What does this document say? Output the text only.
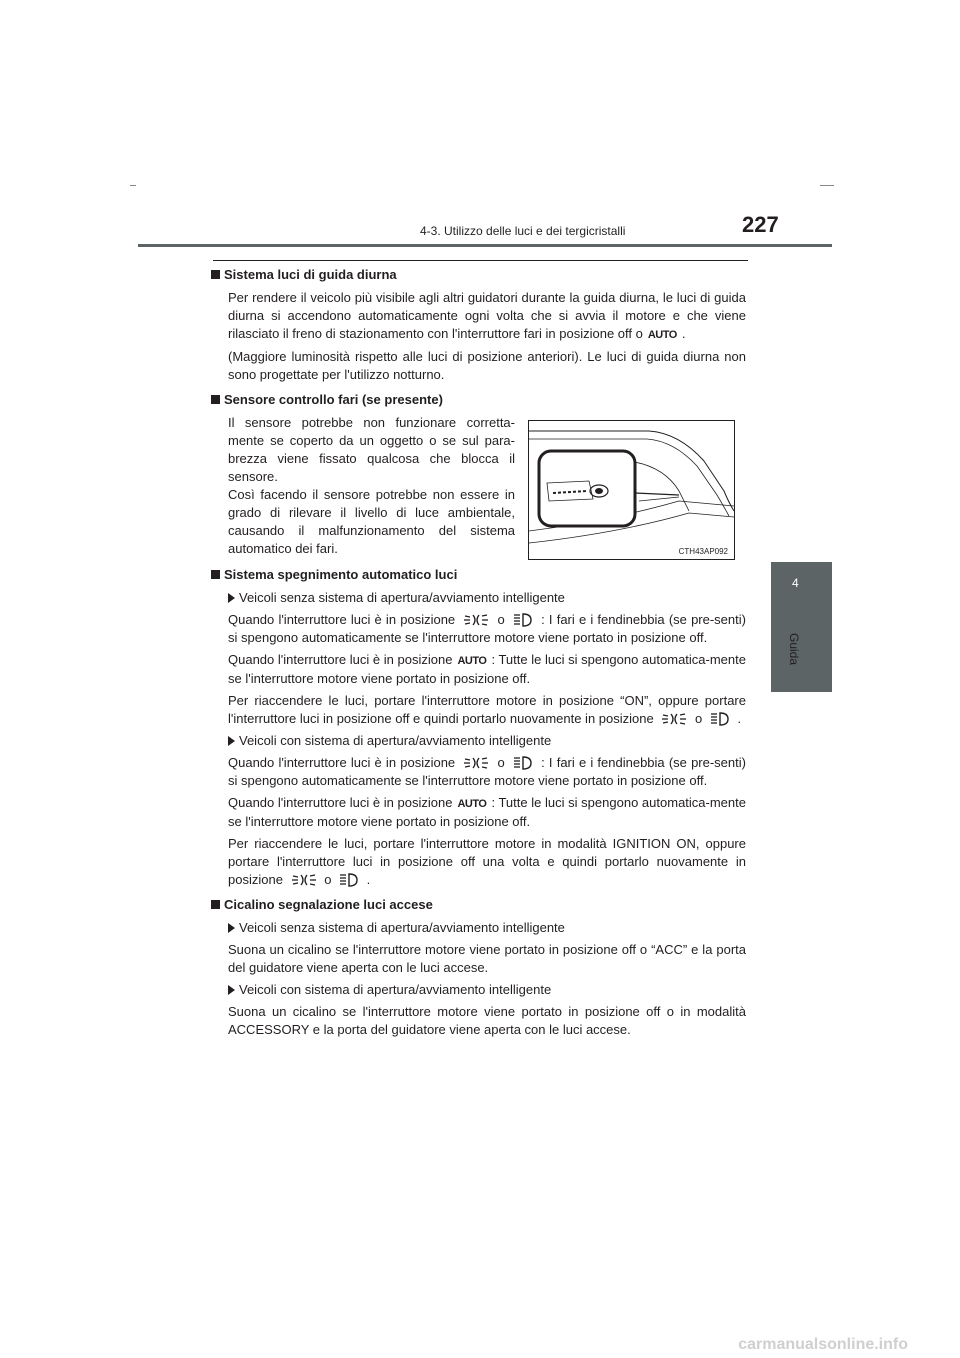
4-3. Utilizzo delle luci e dei tergicristalli	227
4
Guida
Sistema luci di guida diurna

Per rendere il veicolo più visibile agli altri guidatori durante la guida diurna, le luci di guida diurna si accendono automaticamente ogni volta che si avvia il motore e che viene rilasciato il freno di stazionamento con l'interruttore fari in posizione off o AUTO .

(Maggiore luminosità rispetto alle luci di posizione anteriori). Le luci di guida diurna non sono progettate per l'utilizzo notturno.

Sensore controllo fari (se presente)
Il sensore potrebbe non funzionare corretta-mente se coperto da un oggetto o se sul para-brezza viene fissato qualcosa che blocca il sensore.
Così facendo il sensore potrebbe non essere in grado di rilevare il livello di luce ambientale, causando il malfunzionamento del sistema automatico dei fari.
Sistema spegnimento automatico luci
Veicoli senza sistema di apertura/avviamento intelligente

Quando l'interruttore luci è in posizione	o	: I fari e i fendinebbia (se pre-senti) si spengono automaticamente se l'interruttore motore viene portato in posizione off.

Quando l'interruttore luci è in posizione AUTO : Tutte le luci si spengono automatica-mente se l'interruttore motore viene portato in posizione off.

Per riaccendere le luci, portare l'interruttore motore in posizione “ON”, oppure portare l'interruttore luci in posizione off e quindi portarlo nuovamente in posizione	o	.

Veicoli con sistema di apertura/avviamento intelligente

Quando l'interruttore luci è in posizione	o	: I fari e i fendinebbia (se pre-senti) si spengono automaticamente se l'interruttore motore viene portato in posizione off.

Quando l'interruttore luci è in posizione AUTO : Tutte le luci si spengono automatica-mente se l'interruttore motore viene portato in posizione off.

Per riaccendere le luci, portare l'interruttore motore in modalità IGNITION ON, oppure portare l'interruttore luci in posizione off una volta e quindi portarlo nuovamente in posizione	o	.

Cicalino segnalazione luci accese
Veicoli senza sistema di apertura/avviamento intelligente

Suona un cicalino se l'interruttore motore viene portato in posizione off o “ACC” e la porta del guidatore viene aperta con le luci accese.

Veicoli con sistema di apertura/avviamento intelligente

Suona un cicalino se l'interruttore motore viene portato in posizione off o in modalità ACCESSORY e la porta del guidatore viene aperta con le luci accese.

CTH43AP092
carmanualsonline.info
